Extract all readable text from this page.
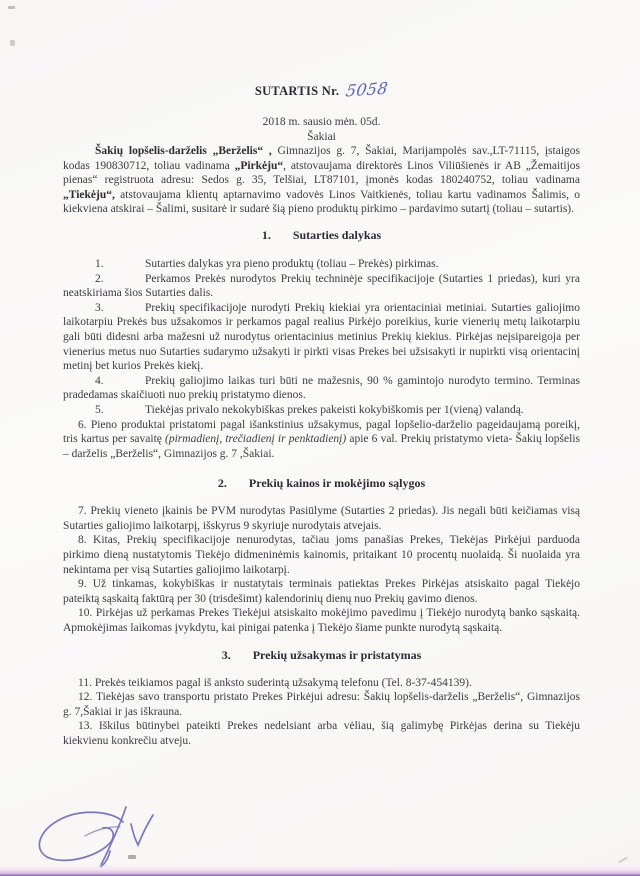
SUTARTIS Nr. 5058
2018 m. sausio mėn. 05d.
Šakiai

Šakių lopšelis-darželis „Berželis“ , Gimnazijos g. 7, Šakiai, Marijampolės sav.,LT-71115, įstaigos kodas 190830712, toliau vadinama „Pirkėju“, atstovaujama direktorės Linos Viliūšienės ir AB „Žemaitijos pienas“ registruota adresu: Sedos g. 35, Telšiai, LT87101, įmonės kodas 180240752, toliau vadinama „Tiekėju“, atstovaujama klientų aptarnavimo vadovės Linos Vaitkienės, toliau kartu vadinamos Šalimis, o kiekviena atskirai – Šalimi, susitarė ir sudarė šią pieno produktų pirkimo – pardavimo sutartį (toliau – sutartis).

1. Sutarties dalykas

1.	Sutarties dalykas yra pieno produktų (toliau – Prekės) pirkimas.

2.	Perkamos Prekės nurodytos Prekių techninėje specifikacijoje (Sutarties 1 priedas), kuri yra neatskiriama šios Sutarties dalis.

3.	Prekių specifikacijoje nurodyti Prekių kiekiai yra orientaciniai metiniai. Sutarties galiojimo laikotarpiu Prekės bus užsakomos ir perkamos pagal realius Pirkėjo poreikius, kurie vienerių metų laikotarpiu gali būti didesni arba mažesni už nurodytus orientacinius metinius Prekių kiekius. Pirkėjas neįsipareigoja per vienerius metus nuo Sutarties sudarymo užsakyti ir pirkti visas Prekes bei užsisakyti ir nupirkti visą orientacinį metinį bet kurios Prekės kiekį.

4.	Prekių galiojimo laikas turi būti ne mažesnis, 90 % gamintojo nurodyto termino. Terminas pradedamas skaičiuoti nuo prekių pristatymo dienos.

5.	Tiekėjas privalo nekokybiškas prekes pakeisti kokybiškomis per 1(vieną) valandą.

6. Pieno produktai pristatomi pagal išankstinius užsakymus, pagal lopšelio-darželio pageidaujamą poreikį, tris kartus per savaitę (pirmadienį, trečiadienį ir penktadienį) apie 6 val. Prekių pristatymo vieta- Šakių lopšelis – darželis „Berželis“, Gimnazijos g. 7 ,Šakiai.

2. Prekių kainos ir mokėjimo sąlygos

7. Prekių vieneto įkainis be PVM nurodytas Pasiūlyme (Sutarties 2 priedas). Jis negali būti keičiamas visą Sutarties galiojimo laikotarpį, išskyrus 9 skyriuje nurodytais atvejais.

8. Kitas, Prekių specifikacijoje nenurodytas, tačiau joms panašias Prekes, Tiekėjas Pirkėjui parduoda pirkimo dieną nustatytomis Tiekėjo didmeninėmis kainomis, pritaikant 10 procentų nuolaidą. Ši nuolaida yra nekintama per visą Sutarties galiojimo laikotarpį.

9. Už tinkamas, kokybiškas ir nustatytais terminais patiektas Prekes Pirkėjas atsiskaito pagal Tiekėjo pateiktą sąskaitą faktūrą per 30 (trisdešimt) kalendorinių dienų nuo Prekių gavimo dienos.

10. Pirkėjas už perkamas Prekes Tiekėjui atsiskaito mokėjimo pavedimu į Tiekėjo nurodytą banko sąskaitą. Apmokėjimas laikomas įvykdytu, kai pinigai patenka į Tiekėjo šiame punkte nurodytą sąskaitą.

3. Prekių užsakymas ir pristatymas

11. Prekės teikiamos pagal iš anksto suderintą užsakymą telefonu (Tel. 8-37-454139).

12. Tiekėjas savo transportu pristato Prekes Pirkėjui adresu: Šakių lopšelis-darželis „Berželis“, Gimnazijos g. 7,Šakiai ir jas iškrauna.

13. Iškilus būtinybei pateikti Prekes nedelsiant arba vėliau, šią galimybę Pirkėjas derina su Tiekėju kiekvienu konkrečiu atveju.
